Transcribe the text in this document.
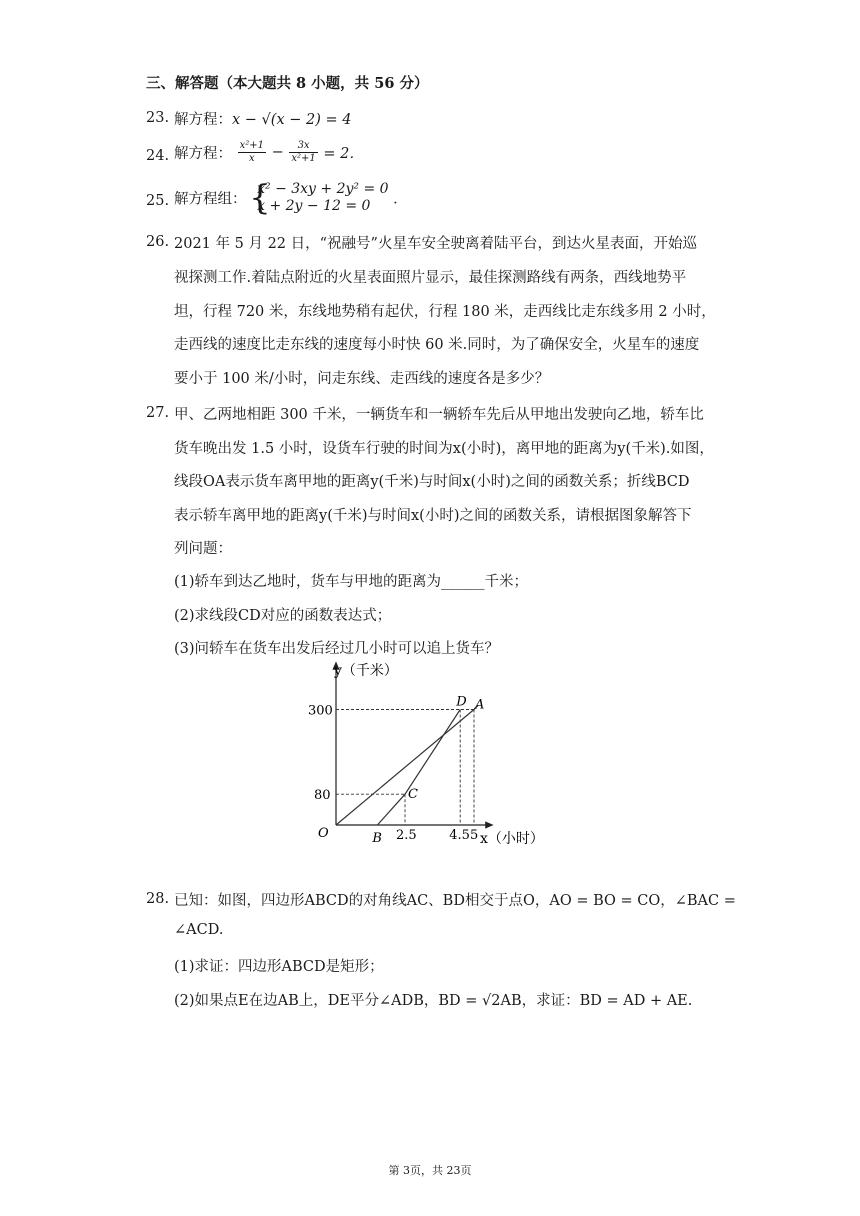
三、解答题（本大题共 8 小题，共 56 分）
23. 解方程：x − √(x − 2) = 4
24. 解方程： $\frac{\text{x²+1}}{x} - \frac{3x}{\text{x²+1}} = 2$．
25. 解方程组： {
x² − 3xy + 2y² = 0
x + 2y − 12 = 0	．
26. 2021 年 5 月 22 日，“祝融号”火星车安全驶离着陆平台，到达火星表面，开始巡
视探测工作.着陆点附近的火星表面照片显示，最佳探测路线有两条，西线地势平
坦，行程 720 米，东线地势稍有起伏，行程 180 米，走西线比走东线多用 2 小时，
走西线的速度比走东线的速度每小时快 60 米.同时，为了确保安全，火星车的速度
要小于 100 米/小时，问走东线、走西线的速度各是多少？
27. 甲、乙两地相距 300 千米，一辆货车和一辆轿车先后从甲地出发驶向乙地，轿车比
货车晚出发 1.5 小时，设货车行驶的时间为x(小时)，离甲地的距离为y(千米).如图，
线段OA表示货车离甲地的距离y(千米)与时间x(小时)之间的函数关系；折线BCD
表示轿车离甲地的距离y(千米)与时间x(小时)之间的函数关系，请根据图象解答下
列问题：
(1)轿车到达乙地时，货车与甲地的距离为______千米；
(2)求线段CD对应的函数表达式；
(3)问轿车在货车出发后经过几小时可以追上货车？
y（千米）
x（小时）
O
300
80
2.5	4.5 5
D A
C
B
28. 已知：如图，四边形ABCD的对角线AC、BD相交于点O，AO = BO = CO，∠BAC =
∠ACD.
(1)求证：四边形ABCD是矩形；
(2)如果点E在边AB上，DE平分∠ADB，BD = √2AB，求证：BD = AD + AE.
第 3页，共 23页
